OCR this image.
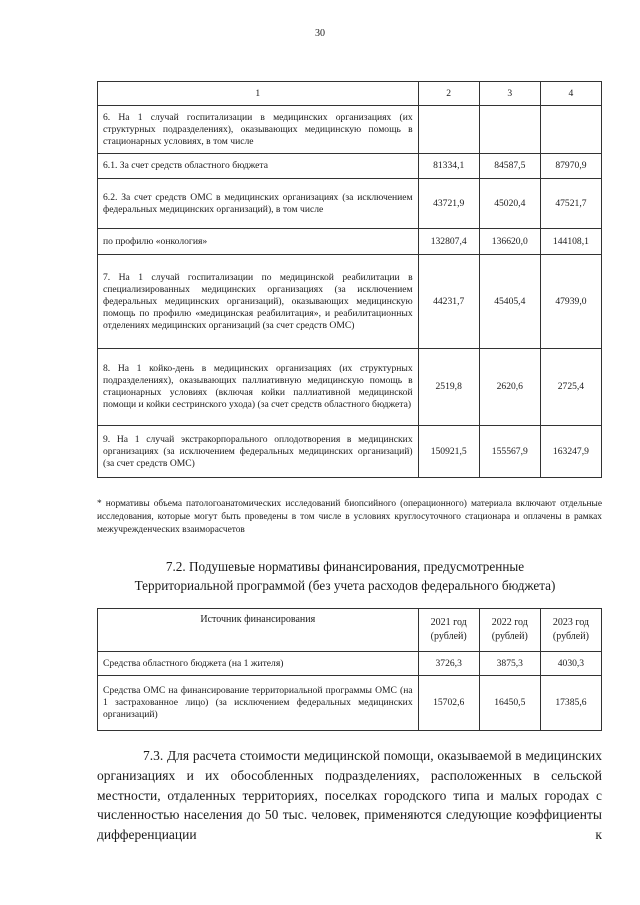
30
1	2	3	4
6. На 1 случай госпитализации в медицинских организациях (их структурных подразделениях), оказывающих медицинскую помощь в стационарных условиях, в том числе			
6.1. За счет средств областного бюджета	81334,1	84587,5	87970,9
6.2. За счет средств ОМС в медицинских организациях (за исключением федеральных медицинских организаций), в том числе	43721,9	45020,4	47521,7
по профилю «онкология»	132807,4	136620,0	144108,1
7. На 1 случай госпитализации по медицинской реабилитации в специализированных медицинских организациях (за исключением федеральных медицинских организаций), оказывающих медицинскую помощь по профилю «медицинская реабилитация», и реабилитационных отделениях медицинских организаций (за счет средств ОМС)	44231,7	45405,4	47939,0
8. На 1 койко-день в медицинских организациях (их структурных подразделениях), оказывающих паллиативную медицинскую помощь в стационарных условиях (включая койки паллиативной медицинской помощи и койки сестринского ухода) (за счет средств областного бюджета)	2519,8	2620,6	2725,4
9. На 1 случай экстракорпорального оплодотворения в медицинских организациях (за исключением федеральных медицинских организаций) (за счет средств ОМС)	150921,5	155567,9	163247,9
* нормативы объема патологоанатомических исследований биопсийного (операционного) материала включают отдельные исследования, которые могут быть проведены в том числе в условиях круглосуточного стационара и оплачены в рамках межучрежденческих взаиморасчетов
7.2. Подушевые нормативы финансирования, предусмотренные
Территориальной программой (без учета расходов федерального бюджета)
Источник финансирования	2021 год (рублей)	2022 год (рублей)	2023 год (рублей)
Средства областного бюджета (на 1 жителя)	3726,3	3875,3	4030,3
Средства ОМС на финансирование территориальной программы ОМС (на 1 застрахованное лицо) (за исключением федеральных медицинских организаций)	15702,6	16450,5	17385,6

7.3. Для расчета стоимости медицинской помощи, оказываемой в медицинских организациях и их обособленных подразделениях, расположенных в сельской местности, отдаленных территориях, поселках городского типа и малых городах с численностью населения до 50 тыс. человек, применяются следующие коэффициенты дифференциации к
